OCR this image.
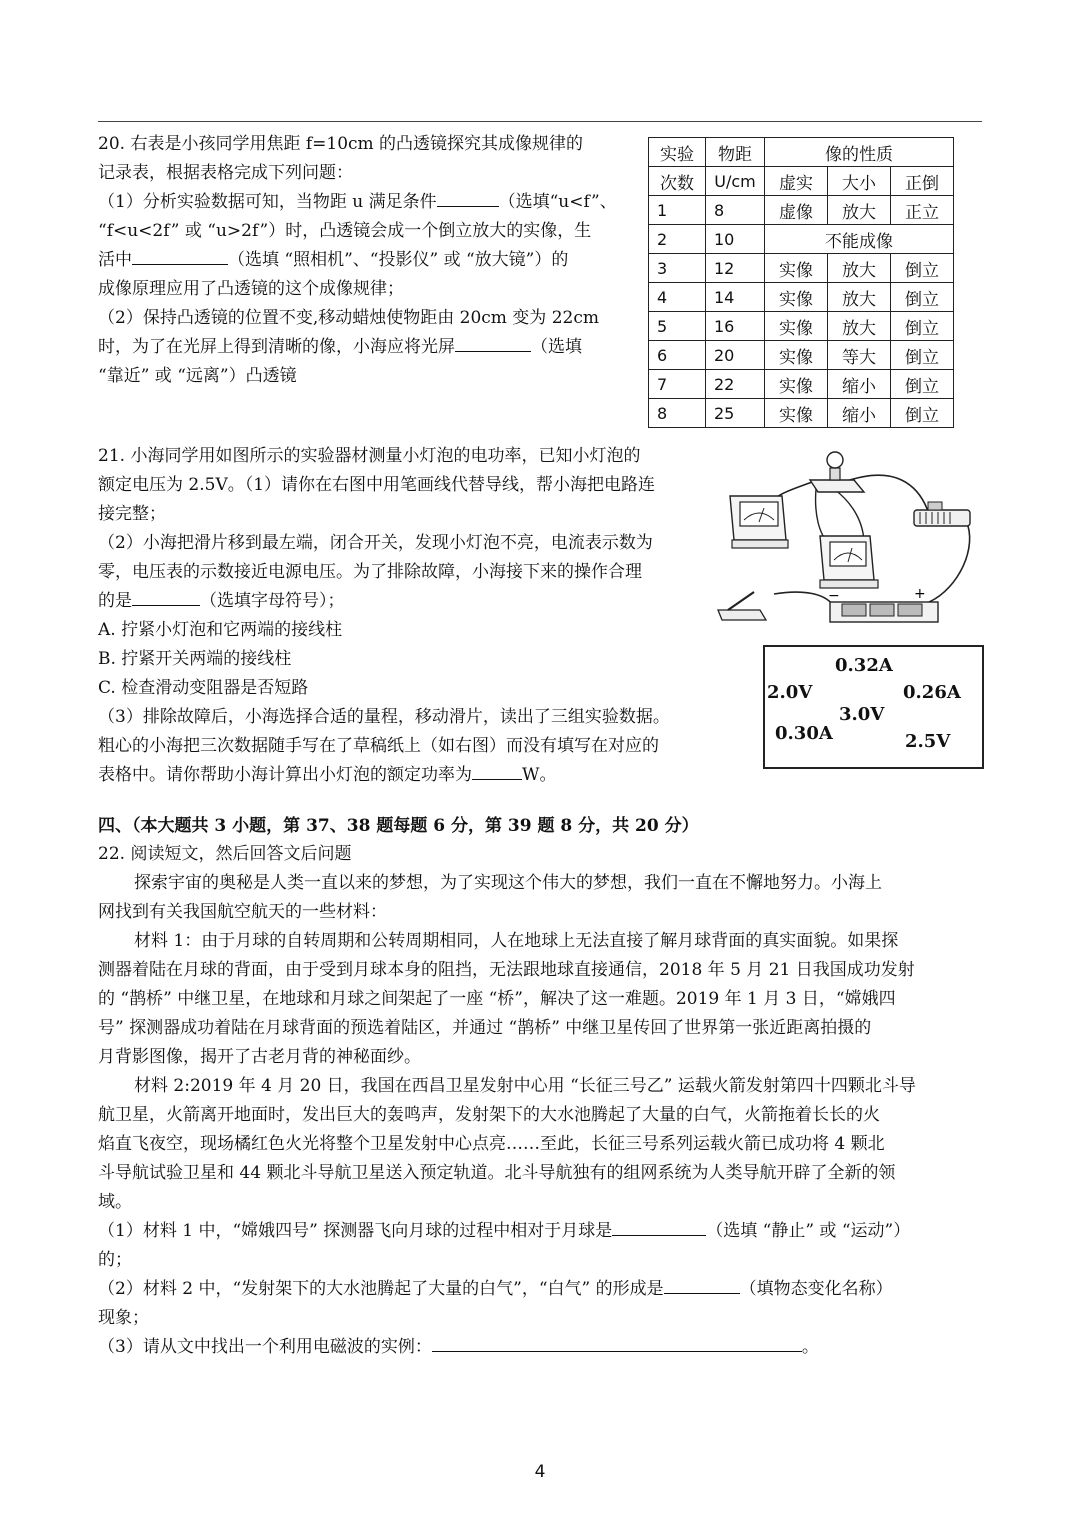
20. 右表是小孩同学用焦距 f=10cm 的凸透镜探究其成像规律的

记录表，根据表格完成下列问题：

（1）分析实验数据可知，当物距 u 满足条件	（选填“u<f”、

“f<u<2f” 或 “u>2f”）时，凸透镜会成一个倒立放大的实像，生

活中	（选填 “照相机”、“投影仪” 或 “放大镜”）的

成像原理应用了凸透镜的这个成像规律；

（2）保持凸透镜的位置不变,移动蜡烛使物距由 20cm 变为 22cm

时，为了在光屏上得到清晰的像，小海应将光屏	（选填

“靠近” 或 “远离”）凸透镜

实验	物距	像的性质		
次数	U/cm	虚实	大小	正倒
1	8	虚像	放大	正立
2	10	不能成像		
3	12	实像	放大	倒立
4	14	实像	放大	倒立
5	16	实像	放大	倒立
6	20	实像	等大	倒立
7	22	实像	缩小	倒立
8	25	实像	缩小	倒立

21. 小海同学用如图所示的实验器材测量小灯泡的电功率，已知小灯泡的

额定电压为 2.5V。（1）请你在右图中用笔画线代替导线，帮小海把电路连

接完整；

（2）小海把滑片移到最左端，闭合开关，发现小灯泡不亮，电流表示数为

零，电压表的示数接近电源电压。为了排除故障，小海接下来的操作合理

的是	（选填字母符号）；

A. 拧紧小灯泡和它两端的接线柱

B. 拧紧开关两端的接线柱

C. 检查滑动变阻器是否短路

（3）排除故障后，小海选择合适的量程，移动滑片，读出了三组实验数据。

粗心的小海把三次数据随手写在了草稿纸上（如右图）而没有填写在对应的

表格中。请你帮助小海计算出小灯泡的额定功率为	W。

−	+
0.32A
2.0V	0.26A
3.0V
0.30A	2.5V
四、（本大题共 3 小题，第 37、38 题每题 6 分，第 39 题 8 分，共 20 分）

22. 阅读短文，然后回答文后问题

探索宇宙的奥秘是人类一直以来的梦想，为了实现这个伟大的梦想，我们一直在不懈地努力。小海上

网找到有关我国航空航天的一些材料：

材料 1：由于月球的自转周期和公转周期相同，人在地球上无法直接了解月球背面的真实面貌。如果探

测器着陆在月球的背面，由于受到月球本身的阻挡，无法跟地球直接通信，2018 年 5 月 21 日我国成功发射

的 “鹊桥” 中继卫星，在地球和月球之间架起了一座 “桥”，解决了这一难题。2019 年 1 月 3 日，“嫦娥四

号” 探测器成功着陆在月球背面的预选着陆区，并通过 “鹊桥” 中继卫星传回了世界第一张近距离拍摄的

月背影图像，揭开了古老月背的神秘面纱。

材料 2:2019 年 4 月 20 日，我国在西昌卫星发射中心用 “长征三号乙” 运载火箭发射第四十四颗北斗导

航卫星，火箭离开地面时，发出巨大的轰鸣声，发射架下的大水池腾起了大量的白气，火箭拖着长长的火

焰直飞夜空，现场橘红色火光将整个卫星发射中心点亮……至此，长征三号系列运载火箭已成功将 4 颗北

斗导航试验卫星和 44 颗北斗导航卫星送入预定轨道。北斗导航独有的组网系统为人类导航开辟了全新的领

域。

（1）材料 1 中，“嫦娥四号” 探测器飞向月球的过程中相对于月球是	（选填 “静止” 或 “运动”）

的；

（2）材料 2 中，“发射架下的大水池腾起了大量的白气”，“白气” 的形成是	（填物态变化名称）

现象；

（3）请从文中找出一个利用电磁波的实例：	。

4
